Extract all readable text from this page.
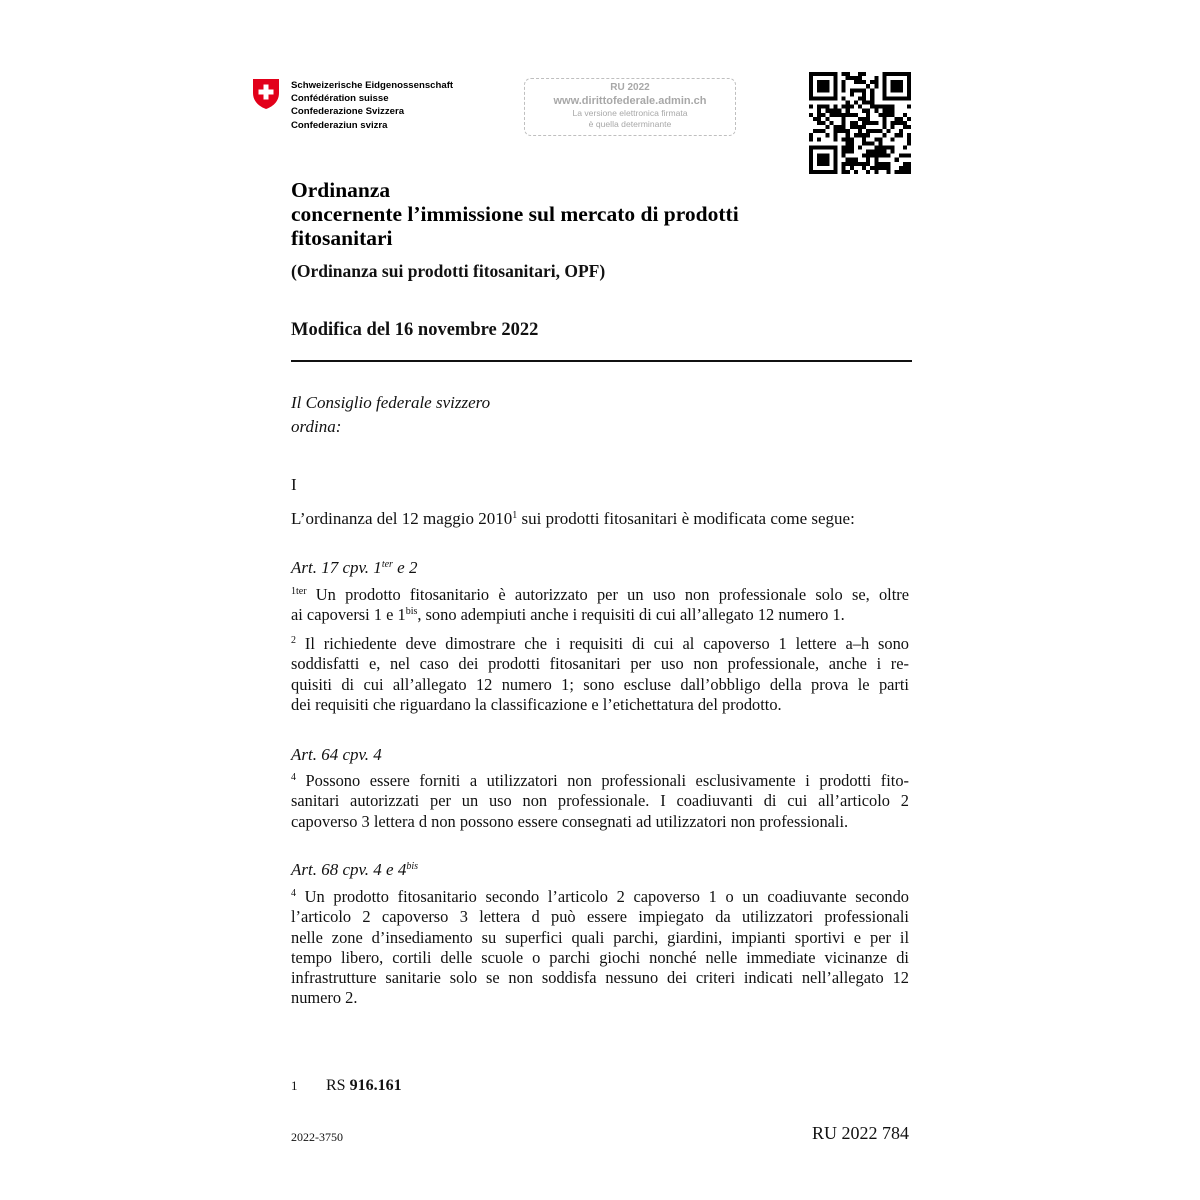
Schweizerische Eidgenossenschaft
Confédération suisse
Confederazione Svizzera
Confederaziun svizra
RU 2022
www.dirittofederale.admin.ch
La versione elettronica firmata
è quella determinante
Ordinanza
concernente l’immissione sul mercato di prodotti
fitosanitari
(Ordinanza sui prodotti fitosanitari, OPF)
Modifica del 16 novembre 2022
Il Consiglio federale svizzero
ordina:
I
L’ordinanza del 12 maggio 2010$^1$ sui prodotti fitosanitari è modificata come segue:
Art. 17 cpv. $1^{ter}$ e 2
$^{1ter}$ Un prodotto fitosanitario è autorizzato per un uso non professionale solo se, oltre
ai capoversi 1 e $1^{bis}$, sono adempiuti anche i requisiti di cui all’allegato 12 numero 1.
$^2$ Il richiedente deve dimostrare che i requisiti di cui al capoverso 1 lettere a–h sono
soddisfatti e, nel caso dei prodotti fitosanitari per uso non professionale, anche i re-
quisiti di cui all’allegato 12 numero 1; sono escluse dall’obbligo della prova le parti
dei requisiti che riguardano la classificazione e l’etichettatura del prodotto.
Art. 64 cpv. 4
$^4$ Possono essere forniti a utilizzatori non professionali esclusivamente i prodotti fito-
sanitari autorizzati per un uso non professionale. I coadiuvanti di cui all’articolo 2
capoverso 3 lettera d non possono essere consegnati ad utilizzatori non professionali.
Art. 68 cpv. 4 e $4^{bis}$
$^4$ Un prodotto fitosanitario secondo l’articolo 2 capoverso 1 o un coadiuvante secondo
l’articolo 2 capoverso 3 lettera d può essere impiegato da utilizzatori professionali
nelle zone d’insediamento su superfici quali parchi, giardini, impianti sportivi e per il
tempo libero, cortili delle scuole o parchi giochi nonché nelle immediate vicinanze di
infrastrutture sanitarie solo se non soddisfa nessuno dei criteri indicati nell’allegato 12
numero 2.
1 RS 916.161
2022-3750	RU 2022 784
